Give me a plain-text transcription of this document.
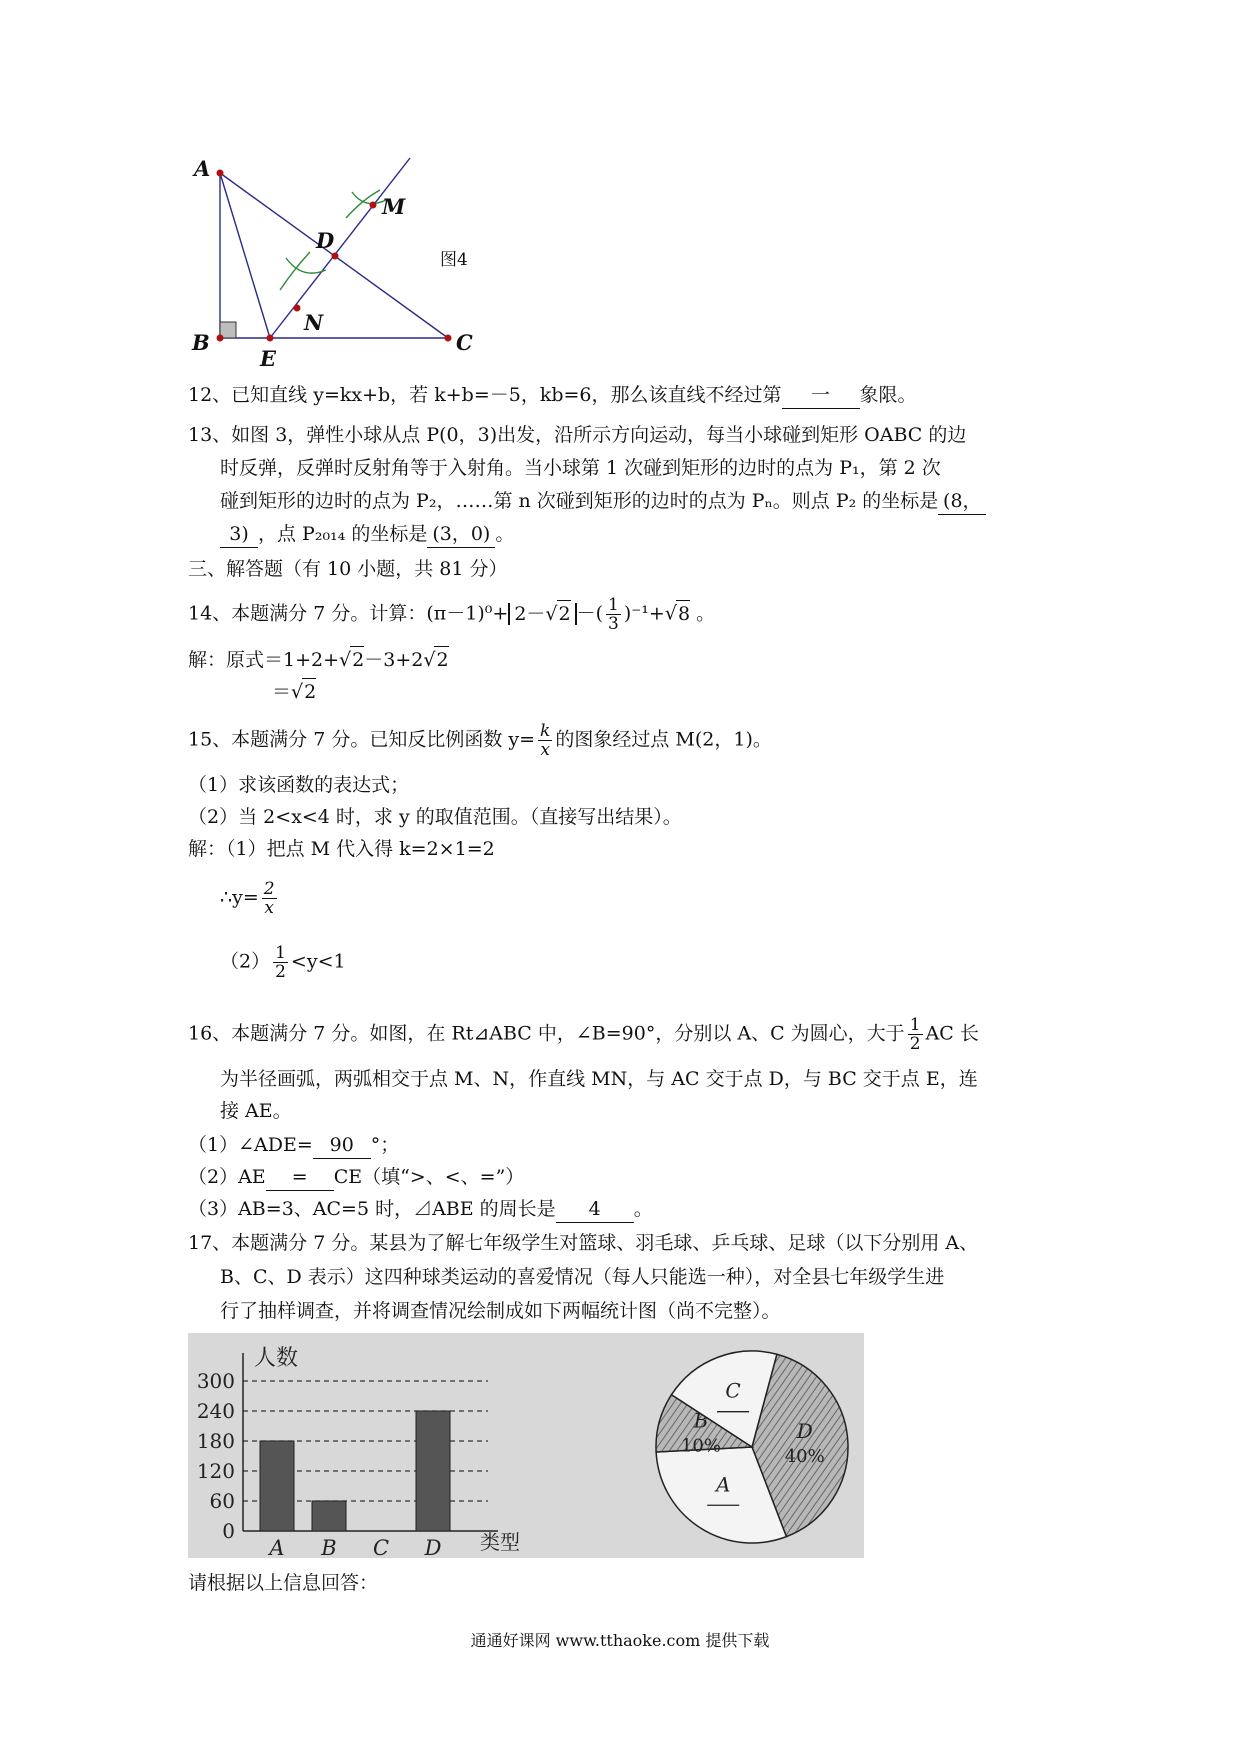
A
B	C
E
D
M
N
图4
12、已知直线 y=kx+b，若 k+b=－5，kb=6，那么该直线不经过第 一 象限。
13、如图 3，弹性小球从点 P(0，3)出发，沿所示方向运动，每当小球碰到矩形 OABC 的边
时反弹，反弹时反射角等于入射角。当小球第 1 次碰到矩形的边时的点为 P₁，第 2 次
碰到矩形的边时的点为 P₂，……第 n 次碰到矩形的边时的点为 Pₙ。则点 P₂ 的坐标是 (8，
3) ，点 P₂₀₁₄ 的坐标是 (3，0) 。
三、解答题（有 10 小题，共 81 分）
14、本题满分 7 分。计算：(π－1)⁰+ 2－√2 －( $\frac{1}{3} )^{-1}+√8$ 。
解：原式＝1+2+√2－3+2√2
＝√2
15、本题满分 7 分。已知反比例函数 $y= \frac{k}{x}$ 的图象经过点 M(2，1)。
（1）求该函数的表达式；
（2）当 2<x<4 时，求 y 的取值范围。（直接写出结果）。
解：（1）把点 M 代入得 k=2×1=2
∴y= $\frac{2}{x}$
$(2) \frac{1}{2} <y<1$
16、本题满分 7 分。如图，在 Rt⊿ABC 中，∠B=90°，分别以 A、C 为圆心，大于 $\frac{1}{2}$ AC 长
为半径画弧，两弧相交于点 M、N，作直线 MN，与 AC 交于点 D，与 BC 交于点 E，连
接 AE。
（1）∠ADE= 90 °；
（2）AE = CE（填“>、<、=”）
（3）AB=3、AC=5 时，⊿ABE 的周长是 4 。
17、本题满分 7 分。某县为了解七年级学生对篮球、羽毛球、乒乓球、足球（以下分别用 A、
B、C、D 表示）这四种球类运动的喜爱情况（每人只能选一种），对全县七年级学生进
行了抽样调查，并将调查情况绘制成如下两幅统计图（尚不完整）。
人数
类型
0
60
120
180
240
300
A B C D
D
40%
A
B
10%
C
请根据以上信息回答：
通通好课网 www.tthaoke.com 提供下载
